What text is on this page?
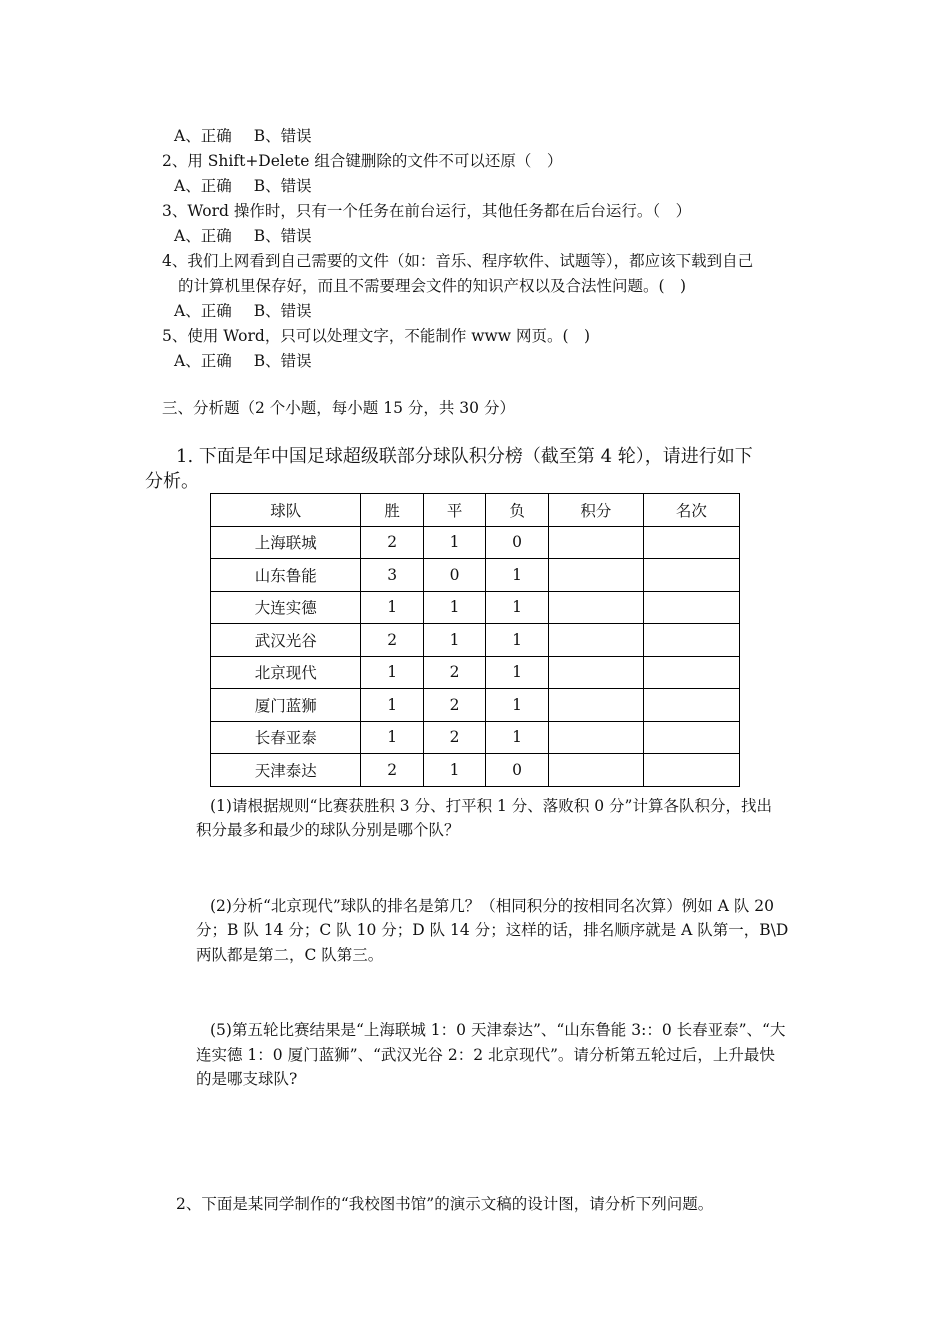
A、正确 B、错误
2、用 Shift+Delete 组合键删除的文件不可以还原（　）
A、正确 B、错误
3、Word 操作时，只有一个任务在前台运行，其他任务都在后台运行。（　）
A、正确 B、错误
4、我们上网看到自己需要的文件（如：音乐、程序软件、试题等），都应该下载到自己
的计算机里保存好，而且不需要理会文件的知识产权以及合法性问题。(　)
A、正确 B、错误
5、使用 Word，只可以处理文字，不能制作 www 网页。(　)
A、正确 B、错误
三、分析题（2 个小题，每小题 15 分，共 30 分）
1. 下面是年中国足球超级联部分球队积分榜（截至第 4 轮），请进行如下
分析。
球队	胜	平	负	积分	名次
上海联城	2	1	0		
山东鲁能	3	0	1		
大连实德	1	1	1		
武汉光谷	2	1	1		
北京现代	1	2	1		
厦门蓝狮	1	2	1		
长春亚泰	1	2	1		
天津泰达	2	1	0		
(1)请根据规则“比赛获胜积 3 分、打平积 1 分、落败积 0 分”计算各队积分，找出
积分最多和最少的球队分别是哪个队？
(2)分析“北京现代”球队的排名是第几？（相同积分的按相同名次算）例如 A 队 20
分；B 队 14 分；C 队 10 分；D 队 14 分；这样的话，排名顺序就是 A 队第一，B\D
两队都是第二，C 队第三。
(5)第五轮比赛结果是“上海联城 1：0 天津泰达”、“山东鲁能 3:：0 长春亚泰”、“大
连实德 1：0 厦门蓝狮”、“武汉光谷 2：2 北京现代”。请分析第五轮过后，上升最快
的是哪支球队?
2、下面是某同学制作的“我校图书馆”的演示文稿的设计图，请分析下列问题。
